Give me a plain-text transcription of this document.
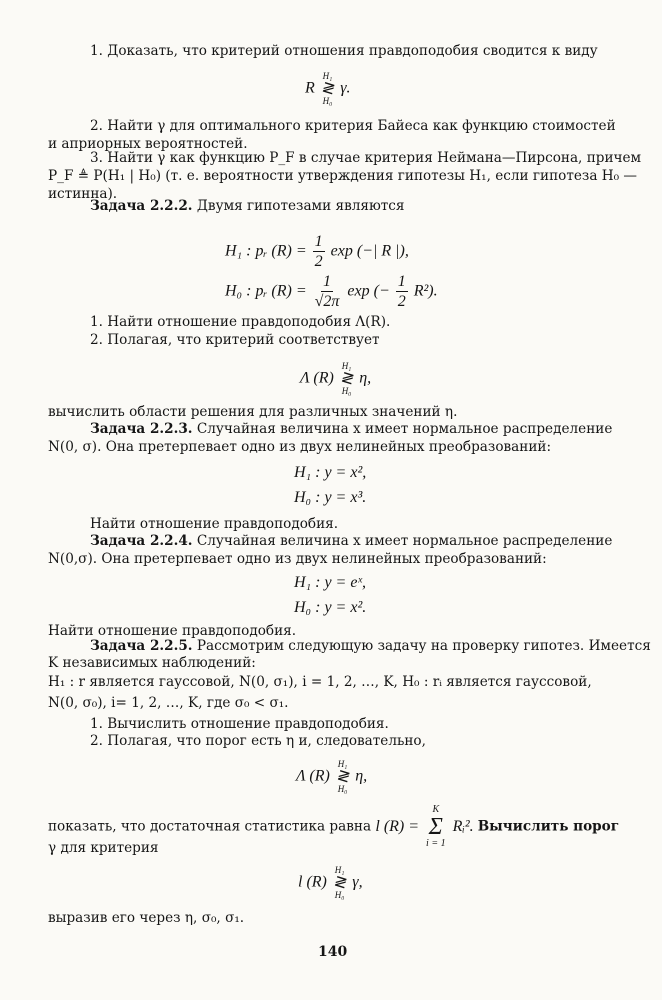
1. Доказать, что критерий отношения правдоподобия сводится к виду
R
H₁
≷
H₀
γ.
2. Найти γ для оптимального критерия Байеса как функцию стоимостей
и априорных вероятностей.
3. Найти γ как функцию P_F в случае критерия Неймана—Пирсона, причем
P_F ≜ P(H₁ | H₀) (т. е. вероятности утверждения гипотезы H₁, если гипотеза H₀ —
истинна).
Задача 2.2.2. Двумя гипотезами являются
H₁ : pᵣ $(R) = \frac{1}{2}$ exp (−| R |),
H₀ : pᵣ $(R) = \frac{1}{√2\pi}$ exp (− $\frac{1}{2} R^2$).
1. Найти отношение правдоподобия Λ(R).
2. Полагая, что критерий соответствует
Λ (R)
H₁
≷
H₀
η,
вычислить области решения для различных значений η.
Задача 2.2.3. Случайная величина x имеет нормальное распределение
N(0, σ). Она претерпевает одно из двух нелинейных преобразований:
H₁ : y = x²,
H₀ : y = x³.
Найти отношение правдоподобия.
Задача 2.2.4. Случайная величина x имеет нормальное распределение
N(0,σ). Она претерпевает одно из двух нелинейных преобразований:
H₁ : y = eˣ,
H₀ : y = x².
Найти отношение правдоподобия.
Задача 2.2.5. Рассмотрим следующую задачу на проверку гипотез. Имеется
K независимых наблюдений:
H₁ : r является гауссовой, N(0, σ₁), i = 1, 2, …, K, H₀ : rᵢ является гауссовой,
N(0, σ₀), i= 1, 2, …, K, где σ₀ < σ₁.
1. Вычислить отношение правдоподобия.
2. Полагая, что порог есть η и, следовательно,
Λ (R)
H₁
≷
H₀
η,
показать, что достаточная статистика равна l (R) =
K
Σ
i = 1
Rᵢ². Вычислить порог
γ для критерия
l (R)
H₁
≷
H₀
γ,
выразив его через η, σ₀, σ₁.
140
